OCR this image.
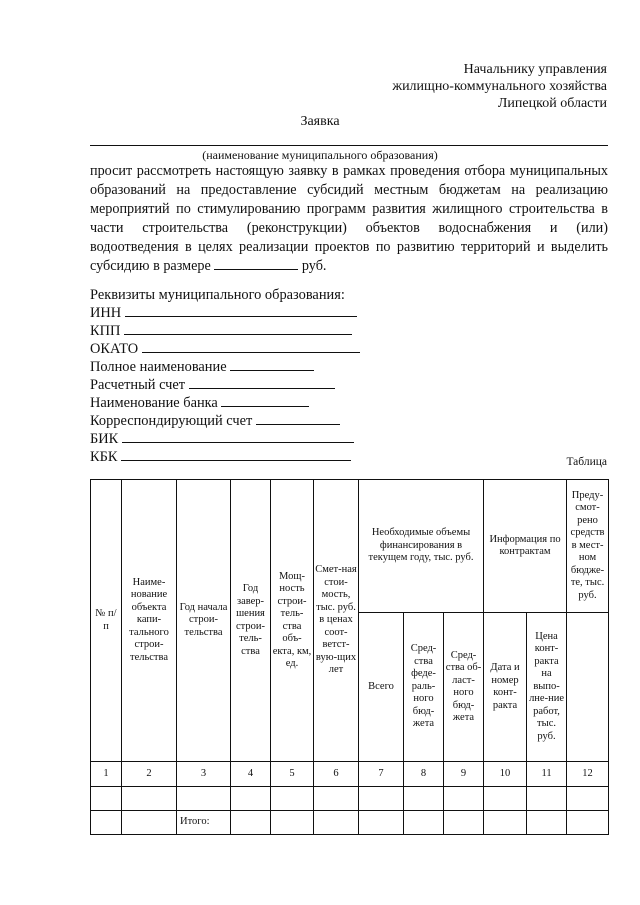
Начальнику управления
жилищно-коммунального хозяйства
Липецкой области
Заявка
(наименование муниципального образования)
просит рассмотреть настоящую заявку в рамках проведения отбора муниципальных образований на предоставление субсидий местным бюджетам на реализацию мероприятий по стимулированию программ развития жилищного строительства в части строительства (реконструкции) объектов водоснабжения и (или) водоотведения в целях реализации проектов по развитию территорий и выделить субсидию в размере	руб.
Реквизиты муниципального образования:
ИНН
КПП
ОКАТО
Полное наименование
Расчетный счет
Наименование банка
Корреспондирующий счет
БИК
КБК	Таблица
№ п/п	Наиме-нование объекта капи-тального строи-тельства	Год начала строи-тельства	Год завер-шения строи-тель-ства	Мощ-ность строи-тель-ства объ-екта, км, ед.	Смет-ная стои-мость, тыс. руб. в ценах соот-ветст-вую-щих лет	Необходимые объемы финансирования в текущем году, тыс. руб.			Информация по контрактам		Преду-смот-рено средств в мест-ном бюдже-те, тыс. руб.
						Всего	Сред-ства феде-раль-ного бюд-жета	Сред-ства об-ласт-ного бюд-жета	Дата и номер конт-ракта	Цена конт-ракта на выпо-лне-ние работ, тыс. руб.	
1	2	3	4	5	6	7	8	9	10	11	12

		Итого:									
